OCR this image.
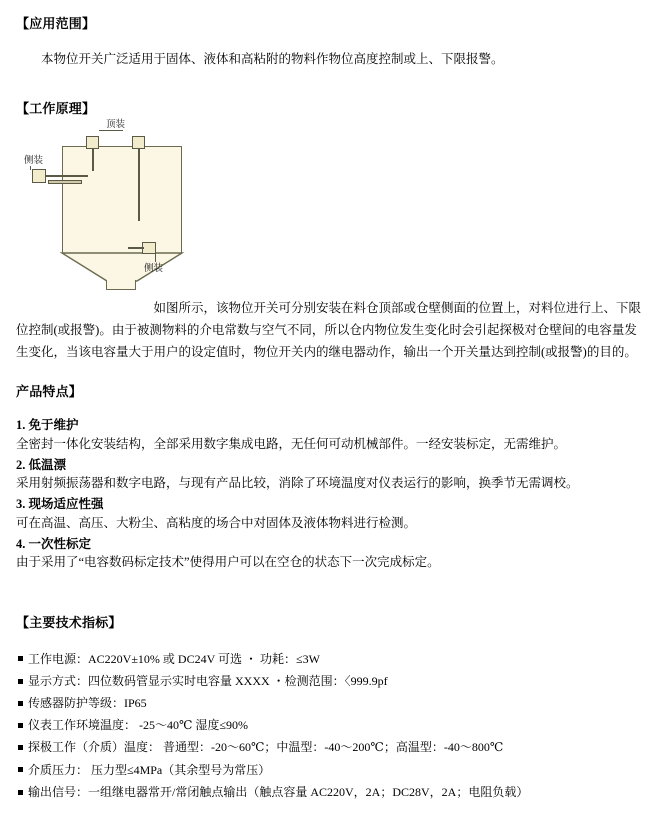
【应用范围】

本物位开关广泛适用于固体、液体和高粘附的物料作物位高度控制或上、下限报警。

【工作原理】
顶装
侧装
侧装

如图所示，该物位开关可分别安装在料仓顶部或仓壁侧面的位置上，对料位进行上、下限位控制(或报警)。由于被测物料的介电常数与空气不同，所以仓内物位发生变化时会引起探极对仓壁间的电容量发生变化，当该电容量大于用户的设定值时，物位开关内的继电器动作，输出一个开关量达到控制(或报警)的目的。

产品特点】

1. 免于维护

全密封一体化安装结构，全部采用数字集成电路，无任何可动机械部件。一经安装标定，无需维护。

2. 低温漂

采用射频振荡器和数字电路，与现有产品比较，消除了环境温度对仪表运行的影响，换季节无需调校。

3. 现场适应性强

可在高温、高压、大粉尘、高粘度的场合中对固体及液体物料进行检测。

4. 一次性标定

由于采用了“电容数码标定技术”使得用户可以在空仓的状态下一次完成标定。

【主要技术指标】

工作电源：AC220V±10% 或 DC24V 可选 ・ 功耗：≤3W

显示方式：四位数码管显示实时电容量 XXXX ・检测范围：〈999.9pf

传感器防护等级：IP65

仪表工作环境温度： -25～40℃ 湿度≤90%

探极工作（介质）温度： 普通型：-20～60℃；中温型：-40～200℃；高温型：-40～800℃

介质压力： 压力型≤4MPa（其余型号为常压）

输出信号：一组继电器常开/常闭触点输出（触点容量 AC220V，2A；DC28V，2A；电阻负载）
